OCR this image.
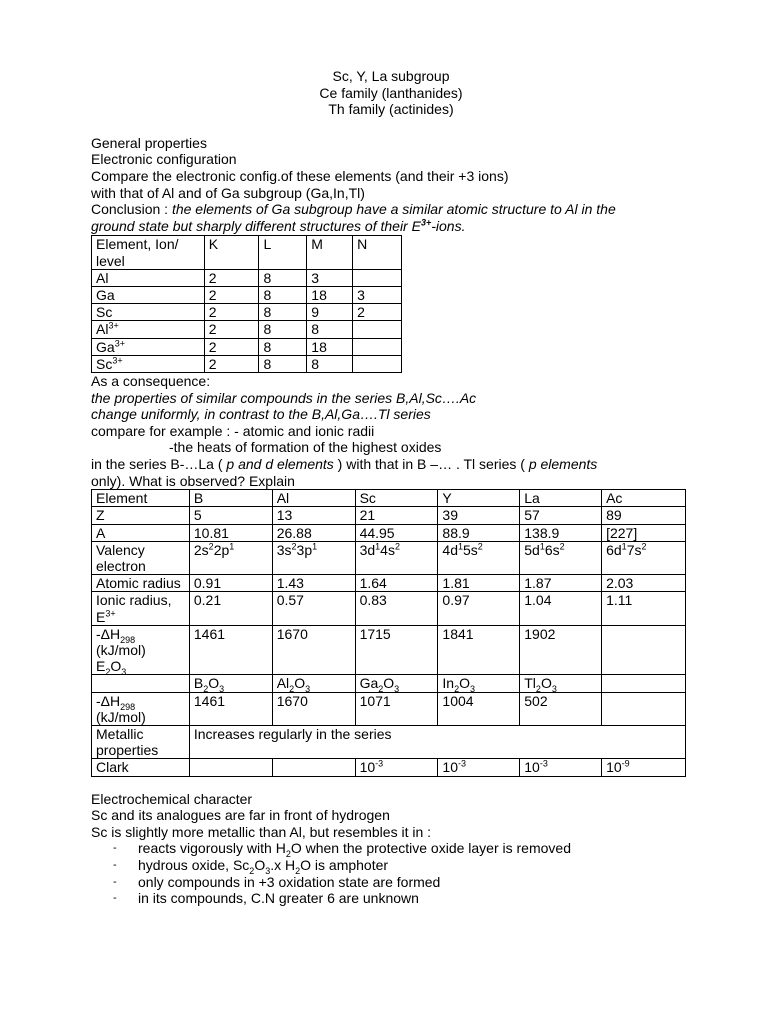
Sc, Y, La subgroup
Ce family (lanthanides)
Th family (actinides)
General properties
Electronic configuration
Compare the electronic config.of these elements (and their +3 ions)
with that of Al and of Ga subgroup (Ga,In,Tl)
Conclusion : the elements of Ga subgroup have a similar atomic structure to Al in the
ground state but sharply different structures of their $E^{3+}$-ions.
Element, Ion/ level	K	L	M	N
Al	2	8	3	
Ga	2	8	18	3
Sc	2	8	9	2
$Al^{3+}$	2	8	8	
$Ga^{3+}$	2	8	18	
$Sc^{3+}$	2	8	8	
As a consequence:
the properties of similar compounds in the series B,Al,Sc….Ac
change uniformly, in contrast to the B,Al,Ga….Tl series
compare for example : - atomic and ionic radii
-the heats of formation of the highest oxides
in the series B-…La ( p and d elements ) with that in B –… . Tl series ( p elements
only). What is observed? Explain
Element	B	Al	Sc	Y	La	Ac
Z	5	13	21	39	57	89
A	10.81	26.88	44.95	88.9	138.9	[227]
Valency electron	$2s^22p^1$	$3s^23p^1$	$3d^14s^2$	$4d^15s^2$	$5d^16s^2$	$6d^17s^2$
Atomic radius	0.91	1.43	1.64	1.81	1.87	2.03
Ionic radius,
$E^{3+}$	0.21	0.57	0.83	0.97	1.04	1.11
$-\Delta H_{298}$
(kJ/mol)
$E_2O_3$	1461	1670	1715	1841	1902	
	$B_2O_3$	$Al_2O_3$	$Ga_2O_3$	$In_2O_3$	$Tl_2O_3$	
$-\Delta H_{298}$
(kJ/mol)	1461	1670	1071	1004	502	
Metallic properties	Increases regularly in the series					
Clark			$10^{-3}$	$10^{-3}$	$10^{-3}$	$10^{-9}$
Electrochemical character
Sc and its analogues are far in front of hydrogen
Sc is slightly more metallic than Al, but resembles it in :
- reacts vigorously with $H_2O$ when the protective oxide layer is removed
- hydrous oxide, $Sc_2O_3.x$ $H_2O$ is amphoter
- only compounds in +3 oxidation state are formed
- in its compounds, C.N greater 6 are unknown
